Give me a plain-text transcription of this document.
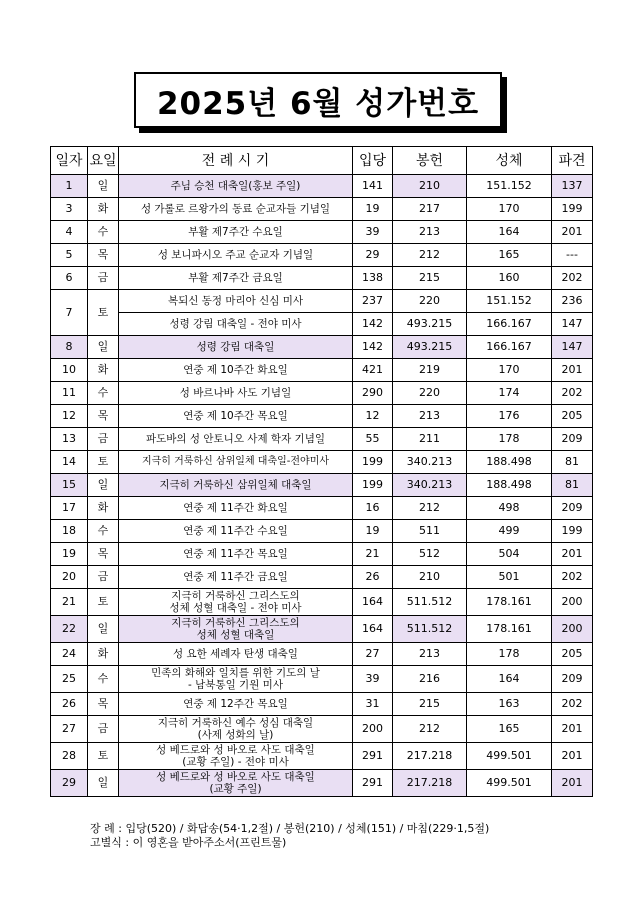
2025년 6월 성가번호
일자	요일	전 례 시 기	입당	봉헌	성체	파견
1	일	주님 승천 대축일(홍보 주일)	141	210	151.152	137
3	화	성 가롤로 르왕가의 동료 순교자들 기념일	19	217	170	199
4	수	부활 제7주간 수요일	39	213	164	201
5	목	성 보니파시오 주교 순교자 기념일	29	212	165	---
6	금	부활 제7주간 금요일	138	215	160	202
7	토	복되신 동정 마리아 신심 미사	237	220	151.152	236
		성령 강림 대축일 - 전야 미사	142	493.215	166.167	147
8	일	성령 강림 대축일	142	493.215	166.167	147
10	화	연중 제 10주간 화요일	421	219	170	201
11	수	성 바르나바 사도 기념일	290	220	174	202
12	목	연중 제 10주간 목요일	12	213	176	205
13	금	파도바의 성 안토니오 사제 학자 기념일	55	211	178	209
14	토	지극히 거룩하신 삼위일체 대축일-전야미사	199	340.213	188.498	81
15	일	지극히 거룩하신 삼위일체 대축일	199	340.213	188.498	81
17	화	연중 제 11주간 화요일	16	212	498	209
18	수	연중 제 11주간 수요일	19	511	499	199
19	목	연중 제 11주간 목요일	21	512	504	201
20	금	연중 제 11주간 금요일	26	210	501	202
21	토	지극히 거룩하신 그리스도의
성체 성혈 대축일 - 전야 미사	164	511.512	178.161	200
22	일	지극히 거룩하신 그리스도의
성체 성혈 대축일	164	511.512	178.161	200
24	화	성 요한 세례자 탄생 대축일	27	213	178	205
25	수	민족의 화해와 일치를 위한 기도의 날
- 남북통일 기원 미사	39	216	164	209
26	목	연중 제 12주간 목요일	31	215	163	202
27	금	지극히 거룩하신 예수 성심 대축일
(사제 성화의 날)	200	212	165	201
28	토	성 베드로와 성 바오로 사도 대축일
(교황 주일) - 전야 미사	291	217.218	499.501	201
29	일	성 베드로와 성 바오로 사도 대축일
(교황 주일)	291	217.218	499.501	201
장 례 : 입당(520) / 화답송(54·1,2절) / 봉헌(210) / 성체(151) / 마침(229·1,5절)
고별식 : 이 영혼을 받아주소서(프린트물)
